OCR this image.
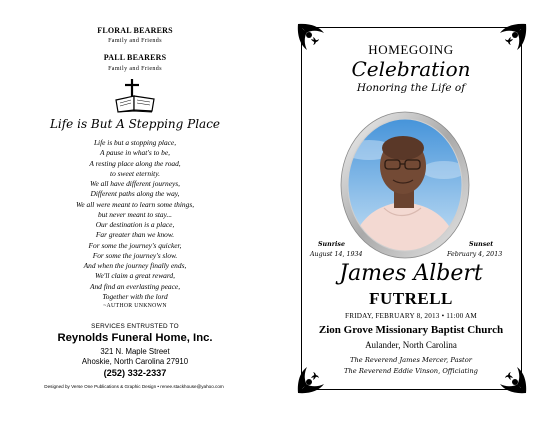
FLORAL BEARERS
Family and Friends
PALL BEARERS
Family and Friends
Life is But A Stepping Place
Life is but a stopping place,
A pause in what's to be,
A resting place along the road,
to sweet eternity.
We all have different journeys,
Different paths along the way,
We all were meant to learn some things,
but never meant to stay...
Our destination is a place,
Far greater than we know.
For some the journey's quicker,
For some the journey's slow.
And when the journey finally ends,
We'll claim a great reward,
And find an everlasting peace,
Together with the lord
~AUTHOR UNKNOWN
SERVICES ENTRUSTED TO
Reynolds Funeral Home, Inc.
321 N. Maple Street
Ahoskie, North Carolina 27910
(252) 332-2337
Designed by Verse One Publications & Graphic Design • renee.stackhouse@yahoo.com
HOMEGOING
Celebration
Honoring the Life of
Sunrise
August 14, 1934
Sunset
February 4, 2013
James Albert
FUTRELL
FRIDAY, FEBRUARY 8, 2013 • 11:00 AM
Zion Grove Missionary Baptist Church
Aulander, North Carolina
The Reverend James Mercer, Pastor
The Reverend Eddie Vinson, Officiating
